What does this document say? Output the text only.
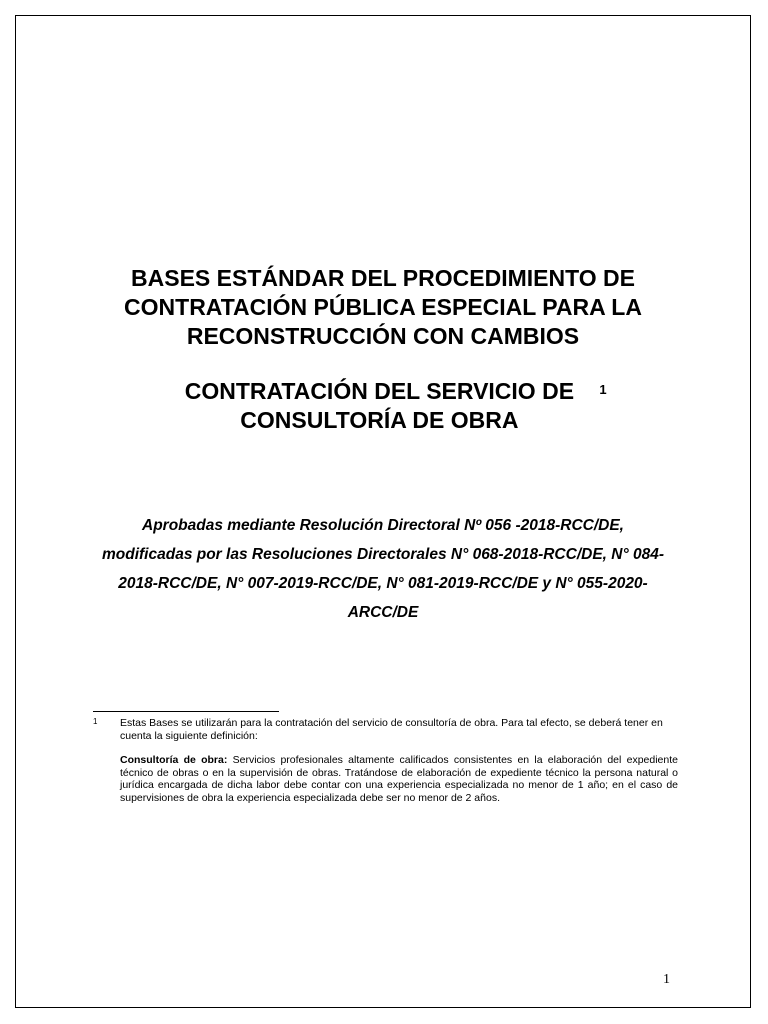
BASES ESTÁNDAR DEL PROCEDIMIENTO DE CONTRATACIÓN PÚBLICA ESPECIAL PARA LA RECONSTRUCCIÓN CON CAMBIOS
CONTRATACIÓN DEL SERVICIO DE CONSULTORÍA DE OBRA$^1$

Aprobadas mediante Resolución Directoral Nº 056 -2018-RCC/DE, modificadas por las Resoluciones Directorales N° 068-2018-RCC/DE, N° 084-2018-RCC/DE, N° 007-2019-RCC/DE, N° 081-2019-RCC/DE y N° 055-2020-ARCC/DE

1 Estas Bases se utilizarán para la contratación del servicio de consultoría de obra. Para tal efecto, se deberá tener en cuenta la siguiente definición:

Consultoría de obra: Servicios profesionales altamente calificados consistentes en la elaboración del expediente técnico de obras o en la supervisión de obras. Tratándose de elaboración de expediente técnico la persona natural o jurídica encargada de dicha labor debe contar con una experiencia especializada no menor de 1 año; en el caso de supervisiones de obra la experiencia especializada debe ser no menor de 2 años.

1
